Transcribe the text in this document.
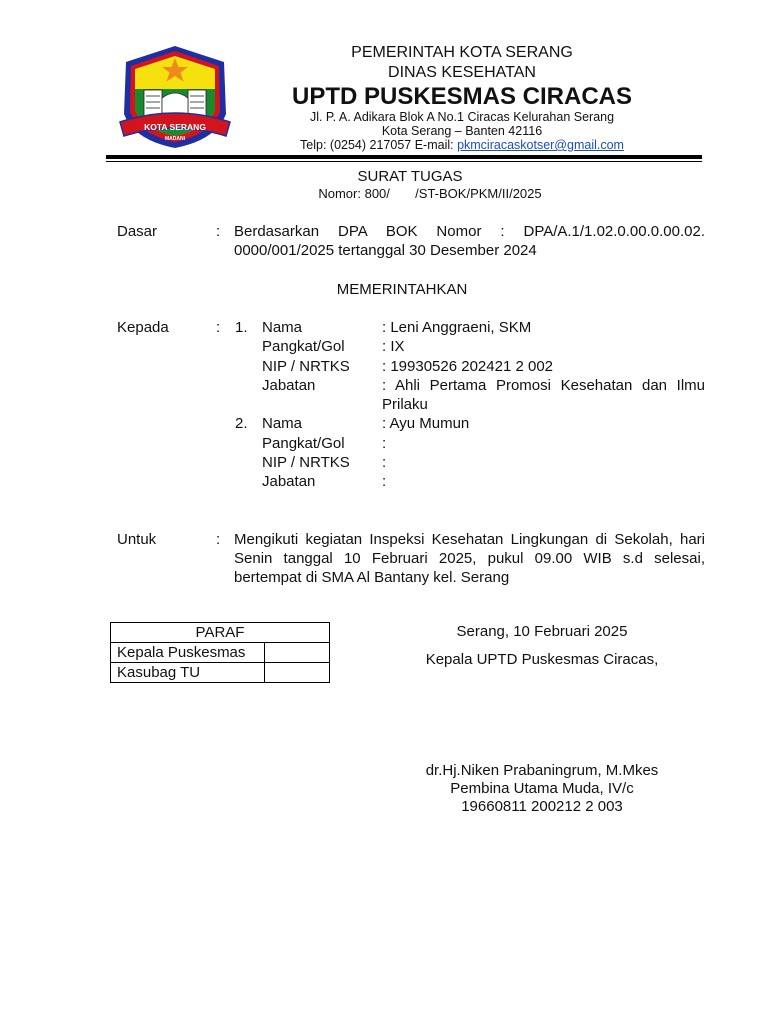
KOTA SERANG
MADANI
PEMERINTAH KOTA SERANG
DINAS KESEHATAN
UPTD PUSKESMAS CIRACAS
Jl. P. A. Adikara Blok A No.1 Ciracas Kelurahan Serang
Kota Serang – Banten 42116
Telp: (0254) 217057 E-mail: pkmciracaskotser@gmail.com
SURAT TUGAS
Nomor: 800/       /ST-BOK/PKM/II/2025
Dasar	: Berdasarkan DPA BOK Nomor : DPA/A.1/1.02.0.00.0.00.02.
0000/001/2025 tertanggal 30 Desember 2024
MEMERINTAHKAN
Kepada	: 1. Nama	: Leni Anggraeni, SKM
Pangkat/Gol : IX
NIP / NRTKS : 19930526 202421 2 002
Jabatan	: Ahli Pertama Promosi Kesehatan dan Ilmu
Prilaku
2. Nama	: Ayu Mumun
Pangkat/Gol :
NIP / NRTKS :
Jabatan	:
Untuk	: Mengikuti kegiatan Inspeksi Kesehatan Lingkungan di Sekolah, hari
Senin tanggal 10 Februari 2025, pukul 09.00 WIB s.d selesai,
bertempat di SMA Al Bantany kel. Serang
PARAF	
Kepala Puskesmas	
Kasubag TU	
Serang, 10 Februari 2025
Kepala UPTD Puskesmas Ciracas,
dr.Hj.Niken Prabaningrum, M.Mkes
Pembina Utama Muda, IV/c
19660811 200212 2 003
